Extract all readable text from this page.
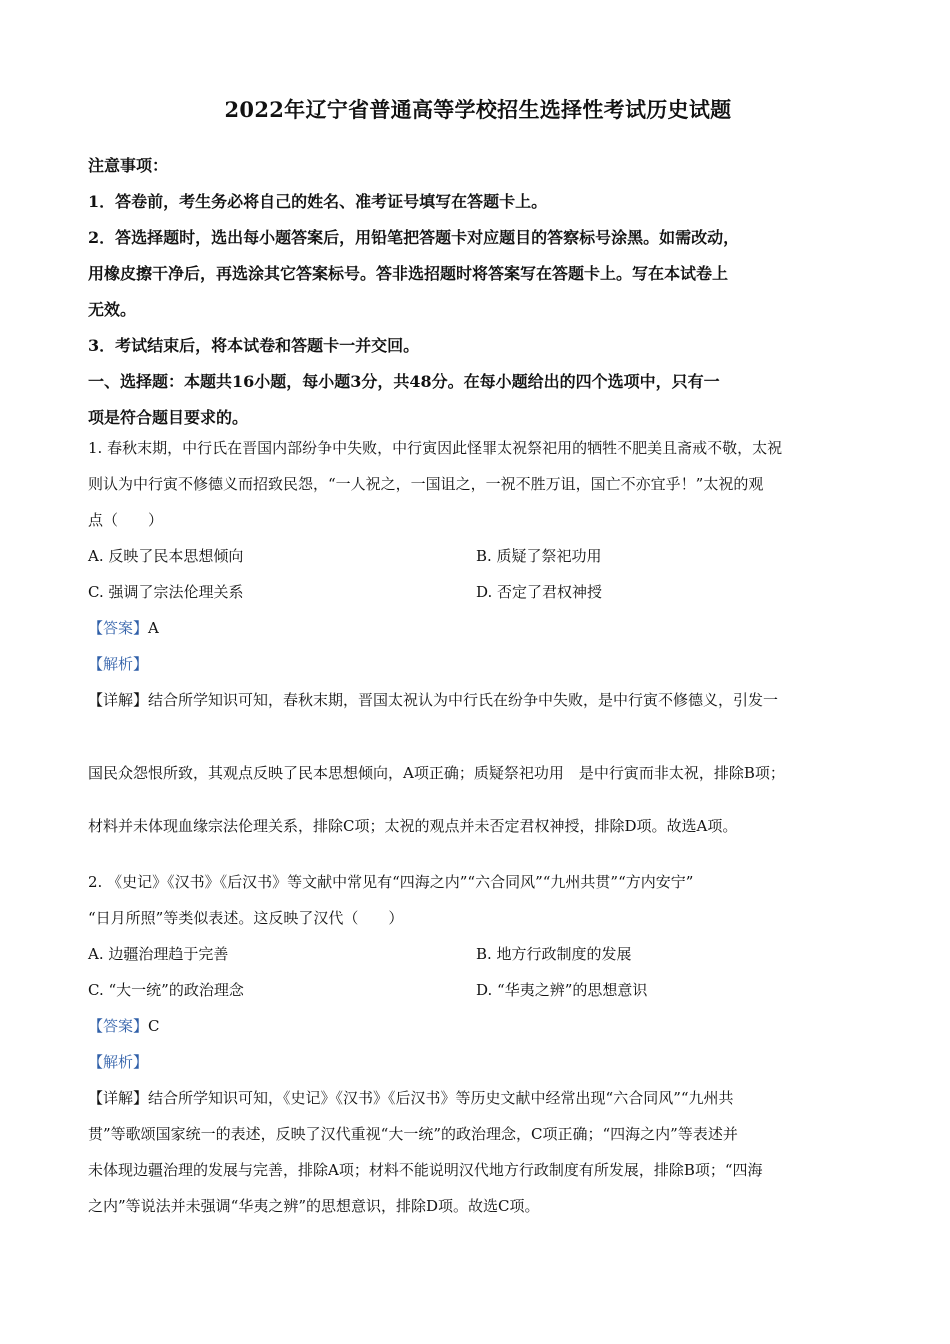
2022年辽宁省普通高等学校招生选择性考试历史试题

注意事项：

1．答卷前，考生务必将自己的姓名、准考证号填写在答题卡上。

2．答选择题时，选出每小题答案后，用铅笔把答题卡对应题目的答察标号涂黑。如需改动，

用橡皮擦干净后，再选涂其它答案标号。答非选招题时将答案写在答题卡上。写在本试卷上

无效。

3．考试结束后，将本试卷和答题卡一并交回。

一、选择题：本题共16小题，每小题3分，共48分。在每小题给出的四个选项中，只有一

项是符合题目要求的。

1. 春秋末期，中行氏在晋国内部纷争中失败，中行寅因此怪罪太祝祭祀用的牺牲不肥美且斋戒不敬，太祝

则认为中行寅不修德义而招致民怨，“一人祝之，一国诅之，一祝不胜万诅，国亡不亦宜乎！”太祝的观

点（　　）

A. 反映了民本思想倾向	B. 质疑了祭祀功用
C. 强调了宗法伦理关系	D. 否定了君权神授

【答案】A

【解析】

【详解】结合所学知识可知，春秋末期，晋国太祝认为中行氏在纷争中失败，是中行寅不修德义，引发一

国民众怨恨所致，其观点反映了民本思想倾向，A项正确；质疑祭祀功用　是中行寅而非太祝，排除B项；

材料并未体现血缘宗法伦理关系，排除C项；太祝的观点并未否定君权神授，排除D项。故选A项。

2. 《史记》《汉书》《后汉书》等文献中常见有“四海之内”“六合同风”“九州共贯”“方内安宁”

“日月所照”等类似表述。这反映了汉代（　　）

A. 边疆治理趋于完善	B. 地方行政制度的发展
C. “大一统”的政治理念	D. “华夷之辨”的思想意识

【答案】C

【解析】

【详解】结合所学知识可知，《史记》《汉书》《后汉书》等历史文献中经常出现“六合同风”“九州共

贯”等歌颂国家统一的表述，反映了汉代重视“大一统”的政治理念，C项正确；“四海之内”等表述并

未体现边疆治理的发展与完善，排除A项；材料不能说明汉代地方行政制度有所发展，排除B项；“四海

之内”等说法并未强调“华夷之辨”的思想意识，排除D项。故选C项。
